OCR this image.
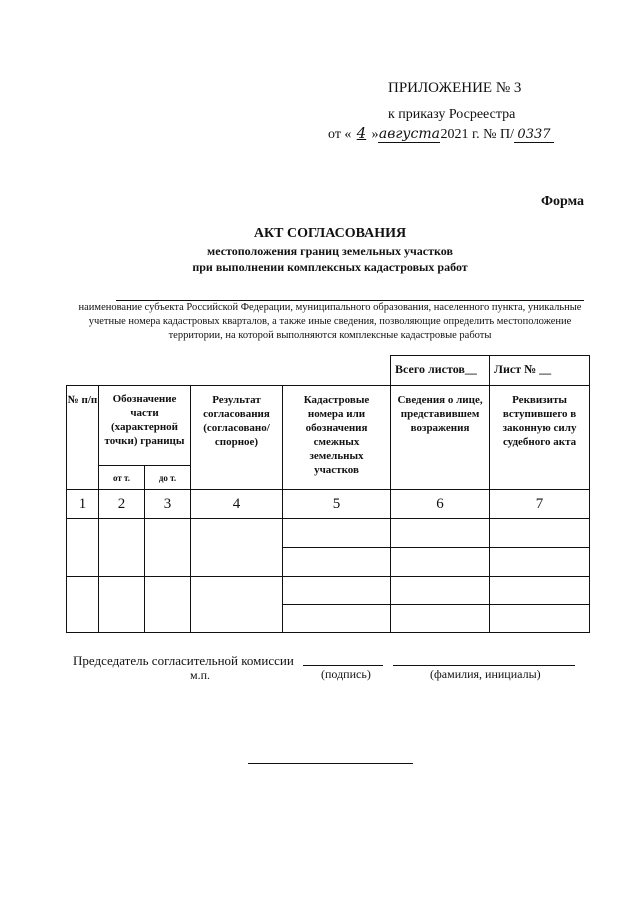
ПРИЛОЖЕНИЕ № 3
к приказу Росреестра
от « 4 »августа2021 г. № П/ 0337
Форма
АКТ СОГЛАСОВАНИЯ
местоположения границ земельных участков
при выполнении комплексных кадастровых работ
наименование субъекта Российской Федерации, муниципального образования, населенного пункта, уникальные
учетные номера кадастровых кварталов, а также иные сведения, позволяющие определить местоположение
территории, на которой выполняются комплексные кадастровые работы
					Всего листов__	Лист № __
№ п/п	Обозначение части (характерной точки) границы		Результат согласования (согласовано/ спорное)	Кадастровые номера или обозначения смежных земельных участков	Сведения о лице, представившем возражения	Реквизиты вступившего в законную силу судебного акта
	от т.	до т.				
1	2	3	4	5	6	7

Председатель согласительной комиссии
м.п.	(подпись)	(фамилия, инициалы)
